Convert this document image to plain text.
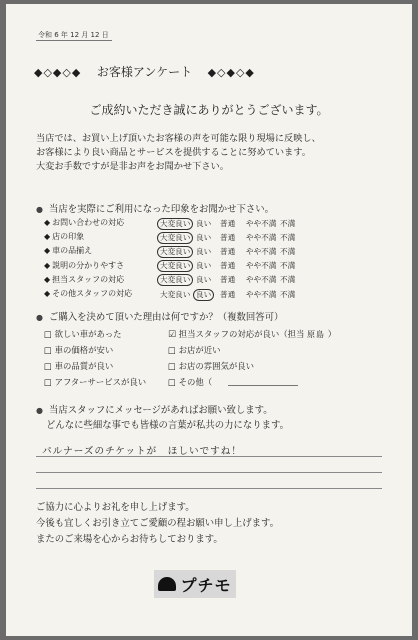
令和 6 年 12 月 12 日
◆◇◆◇◆ お客様アンケート ◆◇◆◇◆
ご成約いただき誠にありがとうございます。
当店では、お買い上げ頂いたお客様の声を可能な限り現場に反映し、
お客様により良い商品とサービスを提供することに努めています。
大変お手数ですが是非お声をお聞かせ下さい。
● 当店を実際にご利用になった印象をお聞かせ下さい。
● ご購入を決めて頂いた理由は何ですか？（複数回答可）
□ 欲しい車があった
□ 車の価格が安い
□ 車の品質が良い
□ アフターサービスが良い
☑ 担当スタッフの対応が良い（担当 原島 ）
□ お店が近い
□ お店の雰囲気が良い
□ その他（
● 当店スタッフにメッセージがあればお願い致します。
どんなに些細な事でも皆様の言葉が私共の力になります。
パルナーズのチケットが　ほしいですね！
ご協力に心よりお礼を申し上げます。
今後も宜しくお引き立てご愛顧の程お願い申し上げます。
またのご来場を心からお待ちしております。
プチモ
◆ お問い合わせの対応	大変良い 良い 普通 やや不満 不満
◆ 店の印象	大変良い 良い 普通 やや不満 不満
◆ 車の品揃え	大変良い 良い 普通 やや不満 不満
◆ 説明の分かりやすさ	大変良い 良い 普通 やや不満 不満
◆ 担当スタッフの対応	大変良い 良い 普通 やや不満 不満
◆ その他スタッフの対応	大変良い 良い	普通 やや不満 不満
